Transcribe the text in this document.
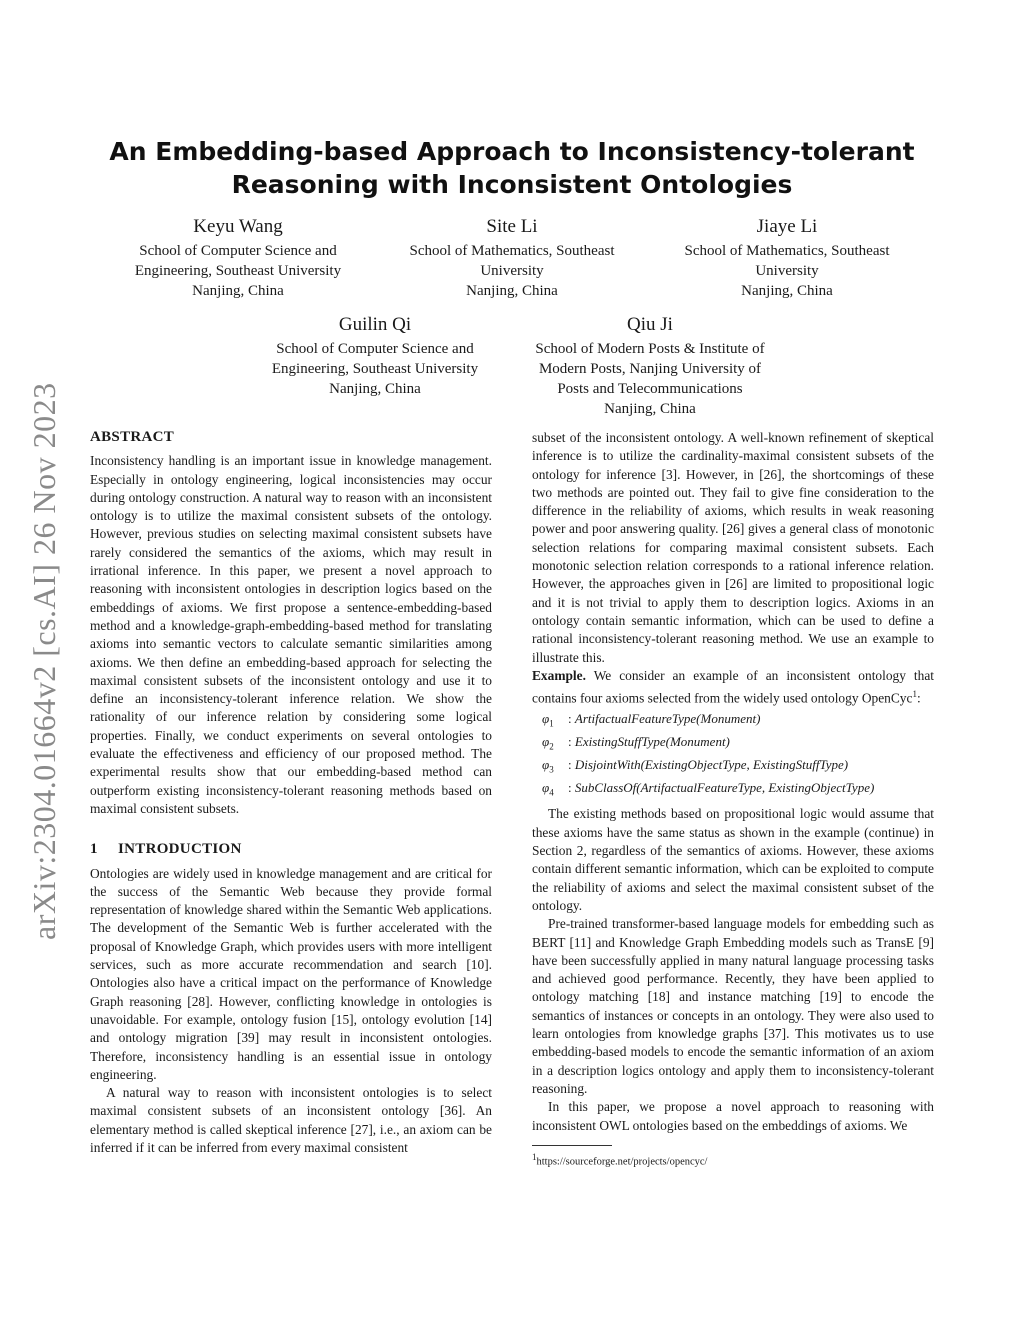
arXiv:2304.01664v2 [cs.AI] 26 Nov 2023
An Embedding-based Approach to Inconsistency-tolerant
Reasoning with Inconsistent Ontologies
Keyu Wang
School of Computer Science and
Engineering, Southeast University
Nanjing, China
Site Li
School of Mathematics, Southeast
University
Nanjing, China
Jiaye Li
School of Mathematics, Southeast
University
Nanjing, China
Guilin Qi
School of Computer Science and
Engineering, Southeast University
Nanjing, China
Qiu Ji
School of Modern Posts & Institute of
Modern Posts, Nanjing University of
Posts and Telecommunications
Nanjing, China
ABSTRACT

Inconsistency handling is an important issue in knowledge management. Especially in ontology engineering, logical inconsistencies may occur during ontology construction. A natural way to reason with an inconsistent ontology is to utilize the maximal consistent subsets of the ontology. However, previous studies on selecting maximal consistent subsets have rarely considered the semantics of the axioms, which may result in irrational inference. In this paper, we present a novel approach to reasoning with inconsistent ontologies in description logics based on the embeddings of axioms. We first propose a sentence-embedding-based method and a knowledge-graph-embedding-based method for translating axioms into semantic vectors to calculate semantic similarities among axioms. We then define an embedding-based approach for selecting the maximal consistent subsets of the inconsistent ontology and use it to define an inconsistency-tolerant inference relation. We show the rationality of our inference relation by considering some logical properties. Finally, we conduct experiments on several ontologies to evaluate the effectiveness and efficiency of our proposed method. The experimental results show that our embedding-based method can outperform existing inconsistency-tolerant reasoning methods based on maximal consistent subsets.

1 INTRODUCTION

Ontologies are widely used in knowledge management and are critical for the success of the Semantic Web because they provide formal representation of knowledge shared within the Semantic Web applications. The development of the Semantic Web is further accelerated with the proposal of Knowledge Graph, which provides users with more intelligent services, such as more accurate recommendation and search [10]. Ontologies also have a critical impact on the performance of Knowledge Graph reasoning [28]. However, conflicting knowledge in ontologies is unavoidable. For example, ontology fusion [15], ontology evolution [14] and ontology migration [39] may result in inconsistent ontologies. Therefore, inconsistency handling is an essential issue in ontology engineering.

A natural way to reason with inconsistent ontologies is to select maximal consistent subsets of an inconsistent ontology [36]. An elementary method is called skeptical inference [27], i.e., an axiom can be inferred if it can be inferred from every maximal consistent

subset of the inconsistent ontology. A well-known refinement of skeptical inference is to utilize the cardinality-maximal consistent subsets of the ontology for inference [3]. However, in [26], the shortcomings of these two methods are pointed out. They fail to give fine consideration to the difference in the reliability of axioms, which results in weak reasoning power and poor answering quality. [26] gives a general class of monotonic selection relations for comparing maximal consistent subsets. Each monotonic selection relation corresponds to a rational inference relation. However, the approaches given in [26] are limited to propositional logic and it is not trivial to apply them to description logics. Axioms in an ontology contain semantic information, which can be used to define a rational inconsistency-tolerant reasoning method. We use an example to illustrate this.

Example. We consider an example of an inconsistent ontology that contains four axioms selected from the widely used ontology OpenCyc$^1$:

$\varphi_1$ : ArtifactualFeatureType(Monument)
$\varphi_2$ : ExistingStuffType(Monument)
$\varphi_3$ : DisjointWith(ExistingObjectType, ExistingStuffType)
$\varphi_4$ : SubClassOf(ArtifactualFeatureType, ExistingObjectType)

The existing methods based on propositional logic would assume that these axioms have the same status as shown in the example (continue) in Section 2, regardless of the semantics of axioms. However, these axioms contain different semantic information, which can be exploited to compute the reliability of axioms and select the maximal consistent subset of the ontology.

Pre-trained transformer-based language models for embedding such as BERT [11] and Knowledge Graph Embedding models such as TransE [9] have been successfully applied in many natural language processing tasks and achieved good performance. Recently, they have been applied to ontology matching [18] and instance matching [19] to encode the semantics of instances or concepts in an ontology. They were also used to learn ontologies from knowledge graphs [37]. This motivates us to use embedding-based models to encode the semantic information of an axiom in a description logics ontology and apply them to inconsistency-tolerant reasoning.

In this paper, we propose a novel approach to reasoning with inconsistent OWL ontologies based on the embeddings of axioms. We

$^1$https://sourceforge.net/projects/opencyc/
